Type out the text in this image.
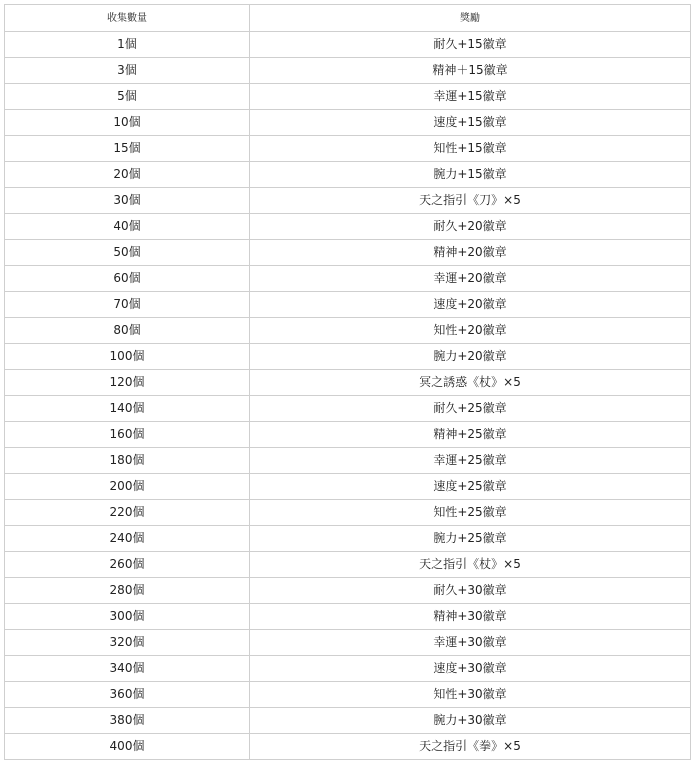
收集數量	獎勵
1個	耐久+15徽章
3個	精神＋15徽章
5個	幸運+15徽章
10個	速度+15徽章
15個	知性+15徽章
20個	腕力+15徽章
30個	天之指引《刀》×5
40個	耐久+20徽章
50個	精神+20徽章
60個	幸運+20徽章
70個	速度+20徽章
80個	知性+20徽章
100個	腕力+20徽章
120個	冥之誘惑《杖》×5
140個	耐久+25徽章
160個	精神+25徽章
180個	幸運+25徽章
200個	速度+25徽章
220個	知性+25徽章
240個	腕力+25徽章
260個	天之指引《杖》×5
280個	耐久+30徽章
300個	精神+30徽章
320個	幸運+30徽章
340個	速度+30徽章
360個	知性+30徽章
380個	腕力+30徽章
400個	天之指引《拳》×5
